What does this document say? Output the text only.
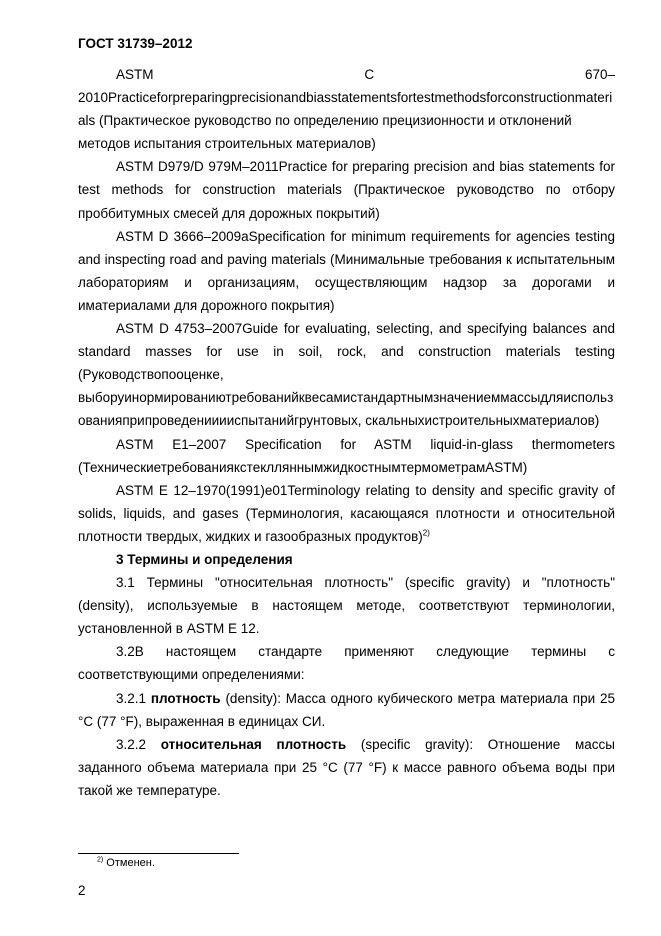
ГОСТ 31739–2012
ASTM	C	670–

2010Practiceforpreparingprecisionandbiasstatementsfortestmethodsforconstructionmaterials (Практическое руководство по определению прецизионности и отклонений методов испытания строительных материалов)

ASTM D979/D 979M–2011Practice for preparing precision and bias statements for test methods for construction materials (Практическое руководство по отбору проббитумных смесей для дорожных покрытий)

ASTM D 3666–2009aSpecification for minimum requirements for agencies testing and inspecting road and paving materials (Минимальные требования к испытательным лабораториям и организациям, осуществляющим надзор за дорогами и иматериалами для дорожного покрытия)

ASTM D 4753–2007Guide for evaluating, selecting, and specifying balances and standard masses for use in soil, rock, and construction materials testing (Руководствопооценке, выборуинормированиютребованийквесамистандартнымзначениеммассыдляиспользованияприпроведенииииспытанийгрунтовых, скальныхистроительныхматериалов)

ASTM E1–2007 Specification for ASTM liquid-in-glass thermometers (ТехническиетребованиякстеклляннымжидкостнымтермометрамASTM)

ASTM E 12–1970(1991)e01Terminology relating to density and specific gravity of solids, liquids, and gases (Терминология, касающаяся плотности и относительной плотности твердых, жидких и газообразных продуктов)$^{2)}$

3 Термины и определения

3.1 Термины "относительная плотность" (specific gravity) и "плотность" (density), используемые в настоящем методе, соответствуют терминологии, установленной в ASTM E 12.

3.2В настоящем стандарте применяют следующие термины с соответствующими определениями:

3.2.1 плотность (density): Масса одного кубического метра материала при 25 °C (77 °F), выраженная в единицах СИ.

3.2.2 относительная плотность (specific gravity): Отношение массы заданного объема материала при 25 °C (77 °F) к массе равного объема воды при такой же температуре.

$^{2)}$ Отменен.
2
